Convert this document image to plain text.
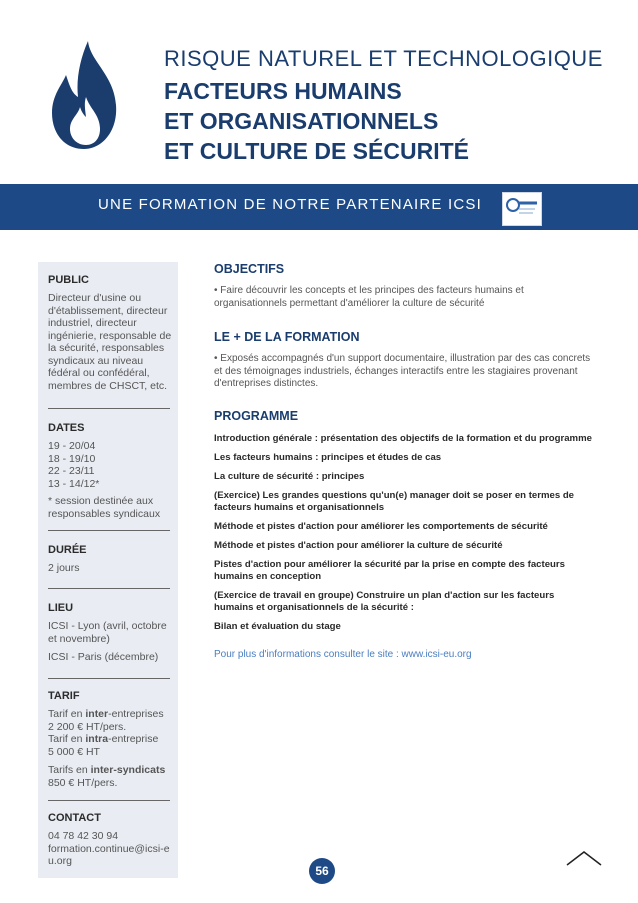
RISQUE NATUREL ET TECHNOLOGIQUE
FACTEURS HUMAINS
ET ORGANISATIONNELS
ET CULTURE DE SÉCURITÉ
UNE FORMATION DE NOTRE PARTENAIRE ICSI
PUBLIC
Directeur d'usine ou d'établissement, directeur industriel, directeur ingénierie, responsable de la sécurité, responsables syndicaux au niveau fédéral ou confédéral, membres de CHSCT, etc.
DATES

19 - 20/04

18 - 19/10

22 - 23/11

13 - 14/12*

* session destinée aux responsables syndicaux

DURÉE
2 jours
LIEU

ICSI - Lyon (avril, octobre et novembre)

ICSI - Paris (décembre)

TARIF

Tarif en inter-entreprises

2 200 € HT/pers.

Tarif en intra-entreprise

5 000 € HT

Tarifs en inter-syndicats

850 € HT/pers.

CONTACT

04 78 42 30 94

formation.continue@icsi-eu.org

OBJECTIFS
• Faire découvrir les concepts et les principes des facteurs humains et organisationnels permettant d'améliorer la culture de sécurité
LE + DE LA FORMATION
• Exposés accompagnés d'un support documentaire, illustration par des cas concrets et des témoignages industriels, échanges interactifs entre les stagiaires provenant d'entreprises distinctes.
PROGRAMME

Introduction générale : présentation des objectifs de la formation et du programme

Les facteurs humains : principes et études de cas

La culture de sécurité : principes

(Exercice) Les grandes questions qu'un(e) manager doit se poser en termes de facteurs humains et organisationnels

Méthode et pistes d'action pour améliorer les comportements de sécurité

Méthode et pistes d'action pour améliorer la culture de sécurité

Pistes d'action pour améliorer la sécurité par la prise en compte des facteurs humains en conception

(Exercice de travail en groupe) Construire un plan d'action sur les facteurs humains et organisationnels de la sécurité :

Bilan et évaluation du stage

Pour plus d'informations consulter le site : www.icsi-eu.org

56
